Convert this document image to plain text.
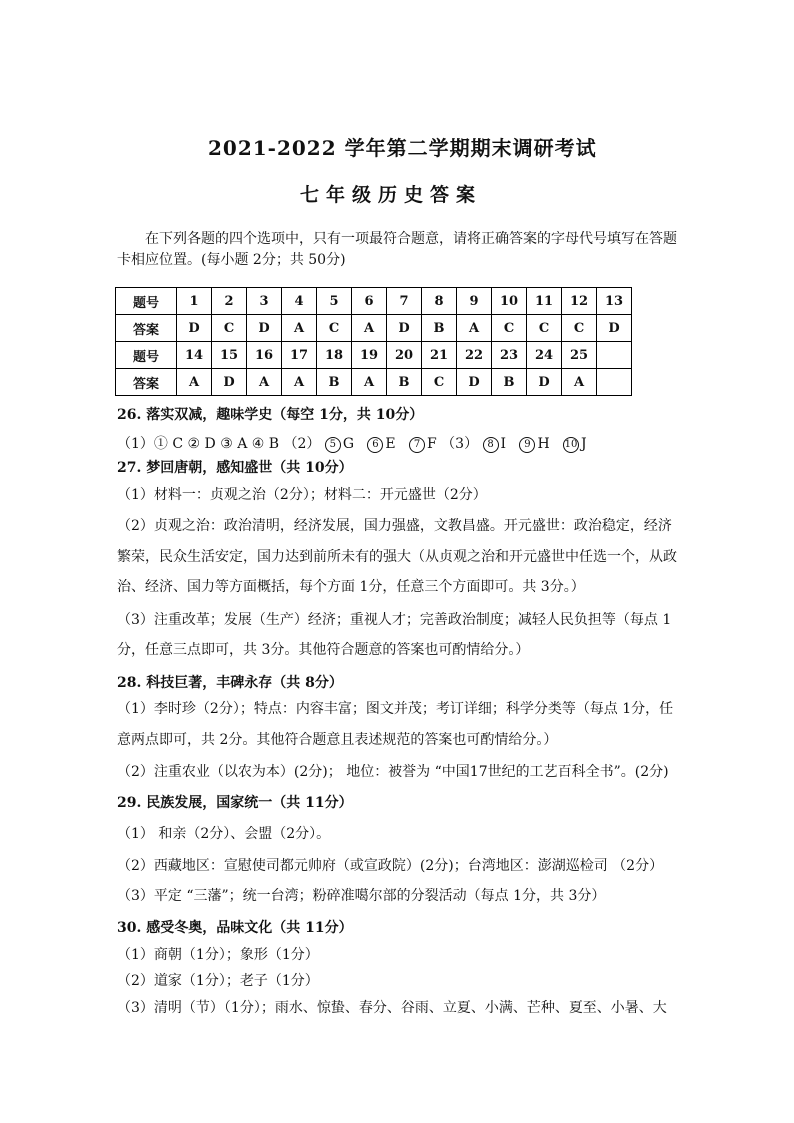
2021-2022 学年第二学期期末调研考试
七年级历史答案
在下列各题的四个选项中，只有一项最符合题意，请将正确答案的字母代号填写在答题
卡相应位置。(每小题 2分；共 50分)
题号	1	2	3	4	5	6	7	8	9	10	11	12	13
答案	D	C	D	A	C	A	D	B	A	C	C	C	D
题号	14	15	16	17	18	19	20	21	22	23	24	25	
答案	A	D	A	A	B	A	B	C	D	B	D	A	
26. 落实双减，趣味学史（每空 1分，共 10分）
（1）① C ② D ③ A ④ B （2） 5 G 6 E 7 F （3） 8 I 9 H 10 J
27. 梦回唐朝，感知盛世（共 10分）
（1）材料一：贞观之治（2分）；材料二：开元盛世（2分）
（2）贞观之治：政治清明，经济发展，国力强盛，文教昌盛。开元盛世：政治稳定，经济
繁荣，民众生活安定，国力达到前所未有的强大（从贞观之治和开元盛世中任选一个，从政
治、经济、国力等方面概括，每个方面 1分，任意三个方面即可。共 3分。）
（3）注重改革；发展（生产）经济；重视人才；完善政治制度；减轻人民负担等（每点 1
分，任意三点即可，共 3分。其他符合题意的答案也可酌情给分。）
28. 科技巨著，丰碑永存（共 8分）
（1）李时珍（2分）；特点：内容丰富；图文并茂；考订详细；科学分类等（每点 1分，任
意两点即可，共 2分。其他符合题意且表述规范的答案也可酌情给分。）
（2）注重农业（以农为本）(2分)； 地位：被誉为 “中国17世纪的工艺百科全书”。(2分)
29. 民族发展，国家统一（共 11分）
（1） 和亲（2分）、会盟（2分）。
（2）西藏地区：宣慰使司都元帅府（或宣政院）(2分)；台湾地区：澎湖巡检司 （2分）
（3）平定 “三藩”；统一台湾；粉碎准噶尔部的分裂活动（每点 1分，共 3分）
30. 感受冬奥，品味文化（共 11分）
（1）商朝（1分）；象形（1分）
（2）道家（1分）；老子（1分）
（3）清明（节）（1分）；雨水、惊蛰、春分、谷雨、立夏、小满、芒种、夏至、小暑、大
